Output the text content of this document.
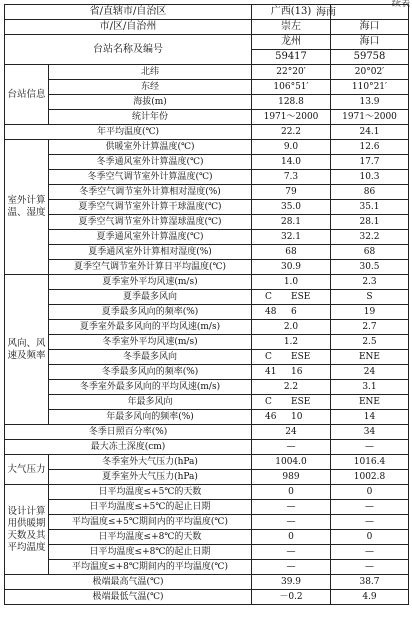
续表
省/直辖市/自治区		广西(13) 海南	

市/区/自治州		崇左	海口
台站名称及编号		龙州	海口
		59417	59758
台站信息	北纬	22°20′	20°02′
	东经	106°51′	110°21′
	海拔(m)	128.8	13.9
	统计年份	1971～2000	1971～2000
年平均温度(℃)		22.2	24.1
室外计算温、湿度	供暖室外计算温度(℃)	9.0	12.6
	冬季通风室外计算温度(℃)	14.0	17.7
	冬季空气调节室外计算温度(℃)	7.3	10.3
	冬季空气调节室外计算相对湿度(%)	79	86
	夏季空气调节室外计算干球温度(℃)	35.0	35.1
	夏季空气调节室外计算湿球温度(℃)	28.1	28.1
	夏季通风室外计算温度(℃)	32.1	32.2
	夏季通风室外计算相对湿度(%)	68	68
	夏季空气调节室外计算日平均温度(℃)	30.9	30.5
风向、风速及频率	夏季室外平均风速(m/s)	1.0	2.3
	夏季最多风向	C ESE	S
	夏季最多风向的频率(%)	48 6	19
	夏季室外最多风向的平均风速(m/s)	2.0	2.7
	冬季室外平均风速(m/s)	1.2	2.5
	冬季最多风向	C ESE	ENE
	冬季最多风向的频率(%)	41 16	24
	冬季室外最多风向的平均风速(m/s)	2.2	3.1
	年最多风向	C ESE	ENE
	年最多风向的频率(%)	46 10	14
冬季日照百分率(%)		24	34
最大冻土深度(cm)		—	—
大气压力	冬季室外大气压力(hPa)	1004.0	1016.4
	夏季室外大气压力(hPa)	989	1002.8
设计计算用供暖期天数及其平均温度	日平均温度≤+5℃的天数	0	0
	日平均温度≤+5℃的起止日期	—	—
	平均温度≤+5℃期间内的平均温度(℃)	—	—
	日平均温度≤+8℃的天数	0	0
	日平均温度≤+8℃的起止日期	—	—
	平均温度≤+8℃期间内的平均温度(℃)	—	—
极端最高气温(℃)		39.9	38.7
极端最低气温(℃)		－0.2	4.9
